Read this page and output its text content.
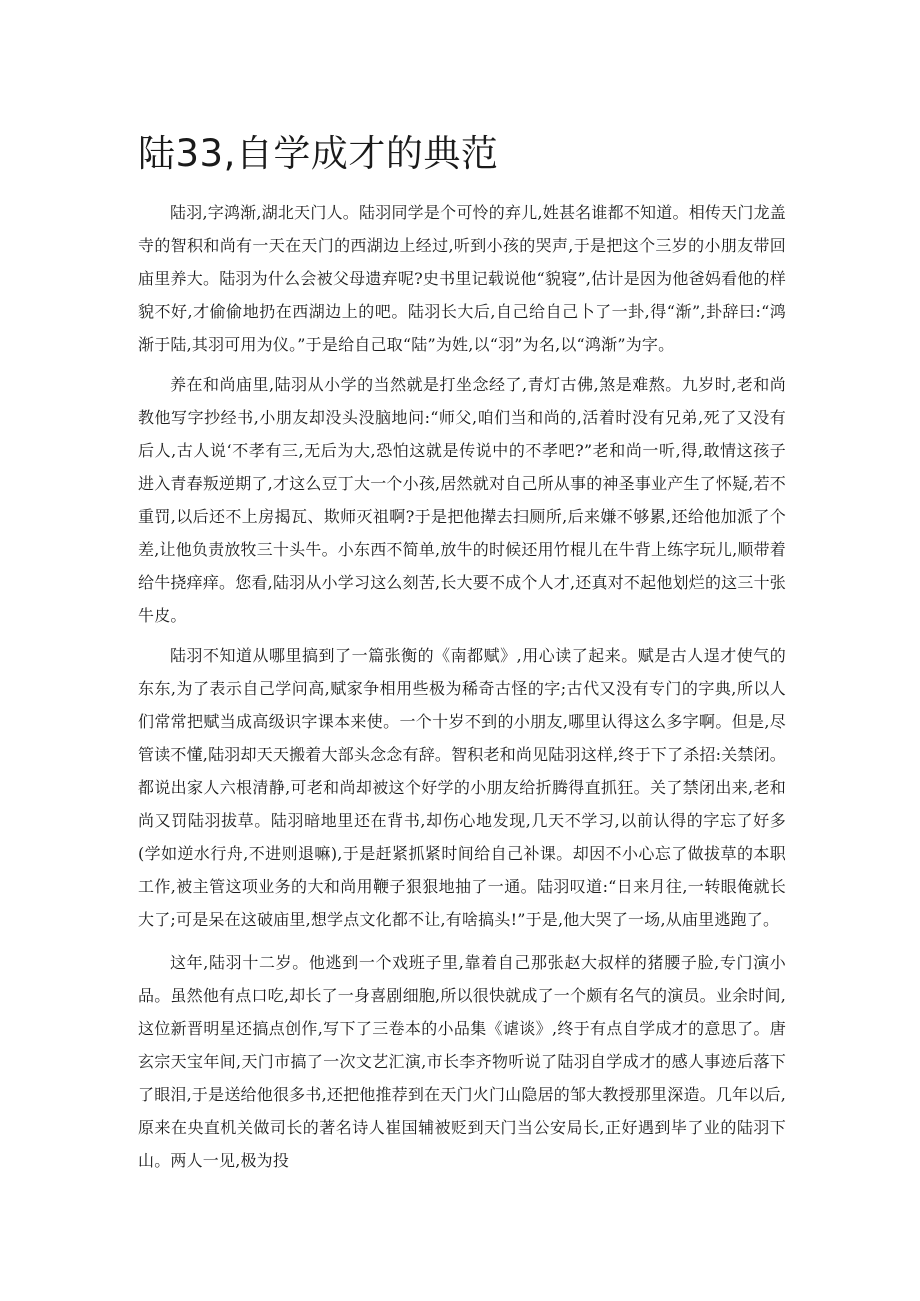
陆33,自学成才的典范

陆羽,字鸿渐,湖北天门人。陆羽同学是个可怜的弃儿,姓甚名谁都不知道。相传天门龙盖寺的智积和尚有一天在天门的西湖边上经过,听到小孩的哭声,于是把这个三岁的小朋友带回庙里养大。陆羽为什么会被父母遗弃呢?史书里记载说他“貌寝”,估计是因为他爸妈看他的样貌不好,才偷偷地扔在西湖边上的吧。陆羽长大后,自己给自己卜了一卦,得“渐”,卦辞曰:“鸿渐于陆,其羽可用为仪。”于是给自己取“陆”为姓,以“羽”为名,以“鸿渐”为字。

养在和尚庙里,陆羽从小学的当然就是打坐念经了,青灯古佛,煞是难熬。九岁时,老和尚教他写字抄经书,小朋友却没头没脑地问:“师父,咱们当和尚的,活着时没有兄弟,死了又没有后人,古人说‘不孝有三,无后为大,恐怕这就是传说中的不孝吧?”老和尚一听,得,敢情这孩子进入青春叛逆期了,才这么豆丁大一个小孩,居然就对自己所从事的神圣事业产生了怀疑,若不重罚,以后还不上房揭瓦、欺师灭祖啊?于是把他撵去扫厕所,后来嫌不够累,还给他加派了个差,让他负责放牧三十头牛。小东西不简单,放牛的时候还用竹棍儿在牛背上练字玩儿,顺带着给牛挠痒痒。您看,陆羽从小学习这么刻苦,长大要不成个人才,还真对不起他划烂的这三十张牛皮。

陆羽不知道从哪里搞到了一篇张衡的《南都赋》,用心读了起来。赋是古人逞才使气的东东,为了表示自己学问高,赋家争相用些极为稀奇古怪的字;古代又没有专门的字典,所以人们常常把赋当成高级识字课本来使。一个十岁不到的小朋友,哪里认得这么多字啊。但是,尽管读不懂,陆羽却天天搬着大部头念念有辞。智积老和尚见陆羽这样,终于下了杀招:关禁闭。都说出家人六根清静,可老和尚却被这个好学的小朋友给折腾得直抓狂。关了禁闭出来,老和尚又罚陆羽拔草。陆羽暗地里还在背书,却伤心地发现,几天不学习,以前认得的字忘了好多(学如逆水行舟,不进则退嘛),于是赶紧抓紧时间给自己补课。却因不小心忘了做拔草的本职工作,被主管这项业务的大和尚用鞭子狠狠地抽了一通。陆羽叹道:“日来月往,一转眼俺就长大了;可是呆在这破庙里,想学点文化都不让,有啥搞头!”于是,他大哭了一场,从庙里逃跑了。

这年,陆羽十二岁。他逃到一个戏班子里,靠着自己那张赵大叔样的猪腰子脸,专门演小品。虽然他有点口吃,却长了一身喜剧细胞,所以很快就成了一个颇有名气的演员。业余时间,这位新晋明星还搞点创作,写下了三卷本的小品集《谑谈》,终于有点自学成才的意思了。唐玄宗天宝年间,天门市搞了一次文艺汇演,市长李齐物听说了陆羽自学成才的感人事迹后落下了眼泪,于是送给他很多书,还把他推荐到在天门火门山隐居的邹大教授那里深造。几年以后,原来在央直机关做司长的著名诗人崔国辅被贬到天门当公安局长,正好遇到毕了业的陆羽下山。两人一见,极为投
